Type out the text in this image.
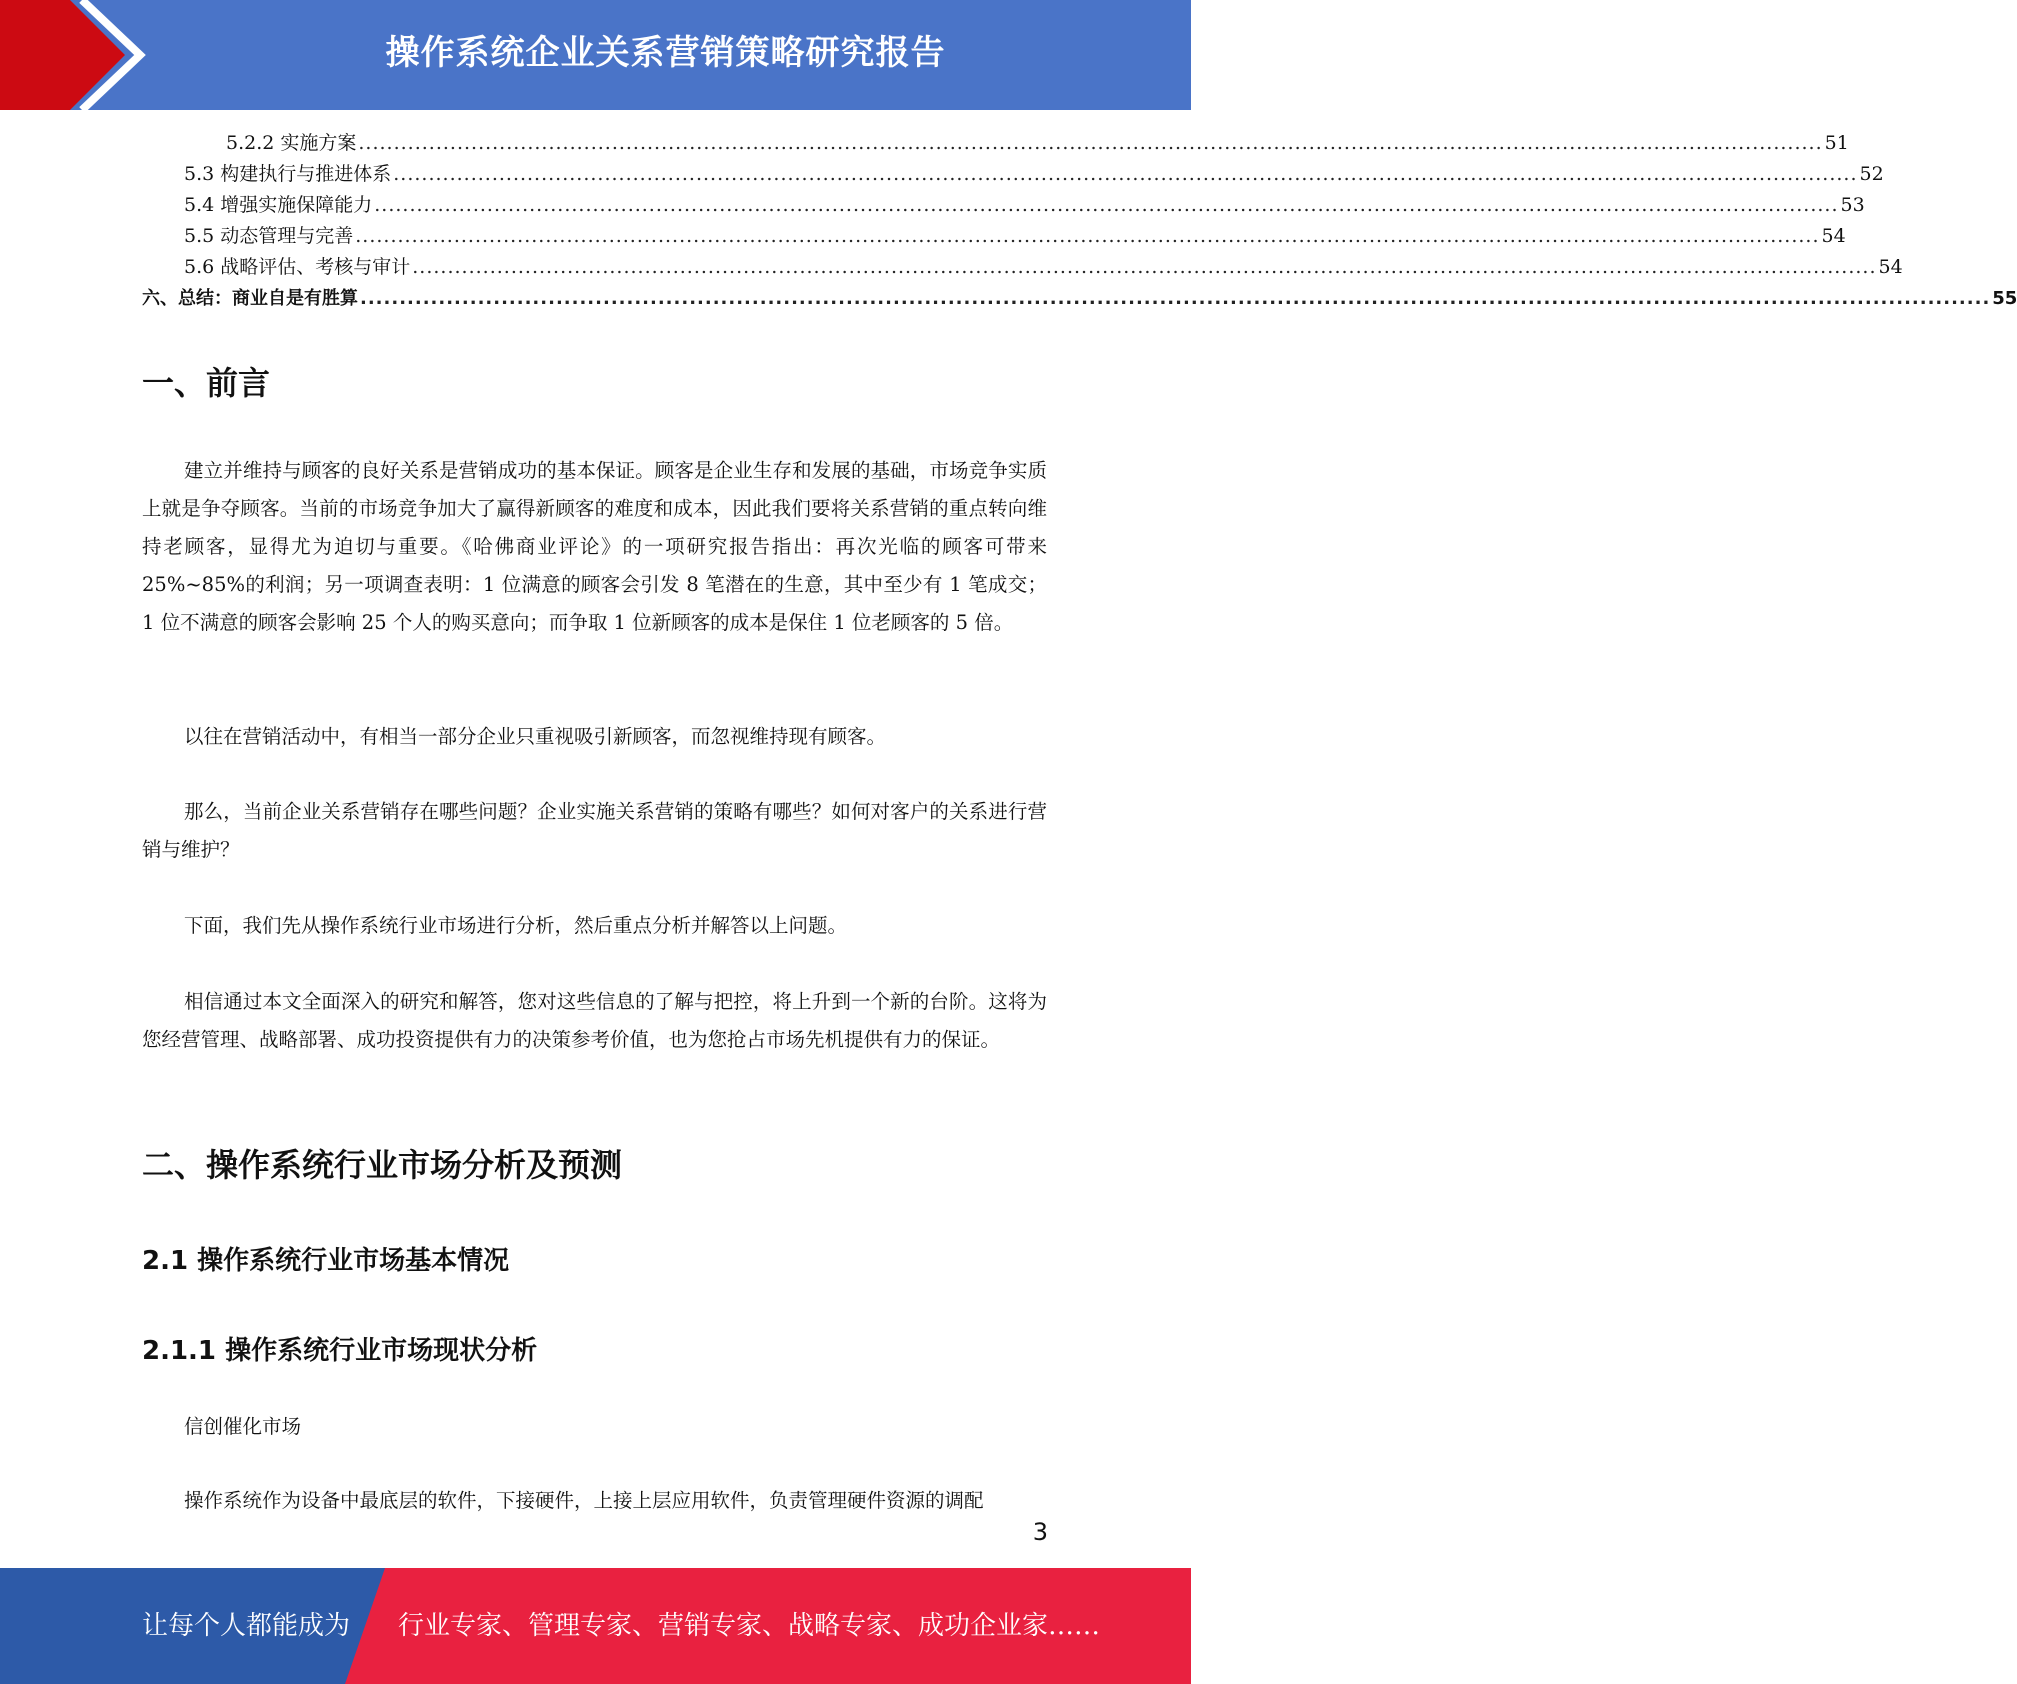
操作系统企业关系营销策略研究报告
5.2.2 实施方案 ................................................................................................................................................................................................................ 51
5.3 构建执行与推进体系 ................................................................................................................................................................................................................ 52
5.4 增强实施保障能力 ................................................................................................................................................................................................................ 53
5.5 动态管理与完善 ................................................................................................................................................................................................................ 54
5.6 战略评估、考核与审计 ................................................................................................................................................................................................................ 54
六、总结：商业自是有胜算 ................................................................................................................................................................................................................ 55
一、前言
建立并维持与顾客的良好关系是营销成功的基本保证。顾客是企业生存和发展的基础，市场竞争实质上就是争夺顾客。当前的市场竞争加大了赢得新顾客的难度和成本，因此我们要将关系营销的重点转向维持老顾客，显得尤为迫切与重要。《哈佛商业评论》的一项研究报告指出：再次光临的顾客可带来 25%~85%的利润；另一项调查表明：1 位满意的顾客会引发 8 笔潜在的生意，其中至少有 1 笔成交；1 位不满意的顾客会影响 25 个人的购买意向；而争取 1 位新顾客的成本是保住 1 位老顾客的 5 倍。
以往在营销活动中，有相当一部分企业只重视吸引新顾客，而忽视维持现有顾客。
那么，当前企业关系营销存在哪些问题？企业实施关系营销的策略有哪些？如何对客户的关系进行营销与维护？
下面，我们先从操作系统行业市场进行分析，然后重点分析并解答以上问题。
相信通过本文全面深入的研究和解答，您对这些信息的了解与把控，将上升到一个新的台阶。这将为您经营管理、战略部署、成功投资提供有力的决策参考价值，也为您抢占市场先机提供有力的保证。
二、操作系统行业市场分析及预测
2.1 操作系统行业市场基本情况
2.1.1 操作系统行业市场现状分析
信创催化市场
操作系统作为设备中最底层的软件，下接硬件，上接上层应用软件，负责管理硬件资源的调配
3
让每个人都能成为 行业专家、管理专家、营销专家、战略专家、成功企业家……
